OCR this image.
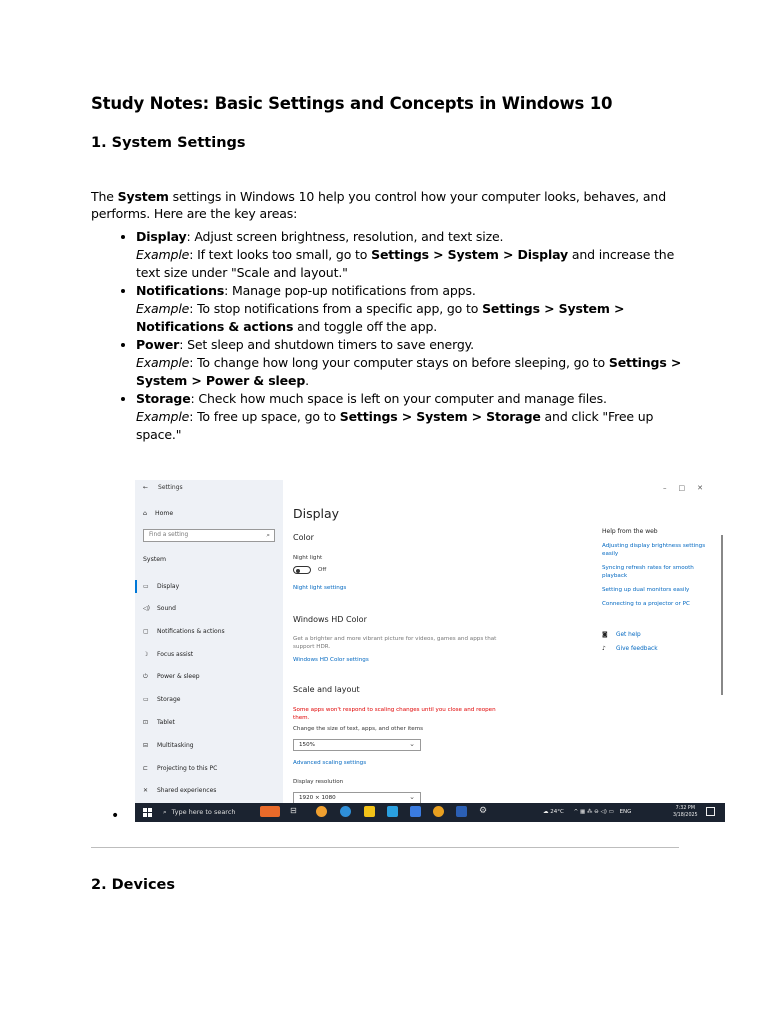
Study Notes: Basic Settings and Concepts in Windows 10
1. System Settings

The System settings in Windows 10 help you control how your computer looks, behaves, and performs. Here are the key areas:

• Display: Adjust screen brightness, resolution, and text size.
Example: If text looks too small, go to Settings > System > Display and increase the text size under "Scale and layout."
• Notifications: Manage pop-up notifications from apps.
Example: To stop notifications from a specific app, go to Settings > System > Notifications & actions and toggle off the app.
• Power: Set sleep and shutdown timers to save energy.
Example: To change how long your computer stays on before sleeping, go to Settings > System > Power & sleep.
• Storage: Check how much space is left on your computer and manage files.
Example: To free up space, go to Settings > System > Storage and click "Free up space."
•
2. Devices
← Settings
⌂ Home
Find a setting	⌕
System
▭ Display
◁) Sound
▢ Notifications & actions
☽ Focus assist
⏻ Power & sleep
▭ Storage
⊡ Tablet
⊟ Multitasking
⊏ Projecting to this PC
✕ Shared experiences
–□✕
Display
Color
Night light
Off
Night light settings
Windows HD Color
Get a brighter and more vibrant picture for videos, games and apps that support HDR.
Windows HD Color settings
Scale and layout
Some apps won't respond to scaling changes until you close and reopen them.
Change the size of text, apps, and other items
150%	⌄
Advanced scaling settings
Display resolution
1920 × 1080	⌄
Help from the web
Adjusting display brightness settings easily
Syncing refresh rates for smooth playback
Setting up dual monitors easily
Connecting to a projector or PC
◙ Get help
♪ Give feedback
⌕ Type here to search	⊟	⚙	☁ 24°C ^ ▦ ⁂ ⊖ ◁) ▭ ENG
7:32 PM
3/18/2025
